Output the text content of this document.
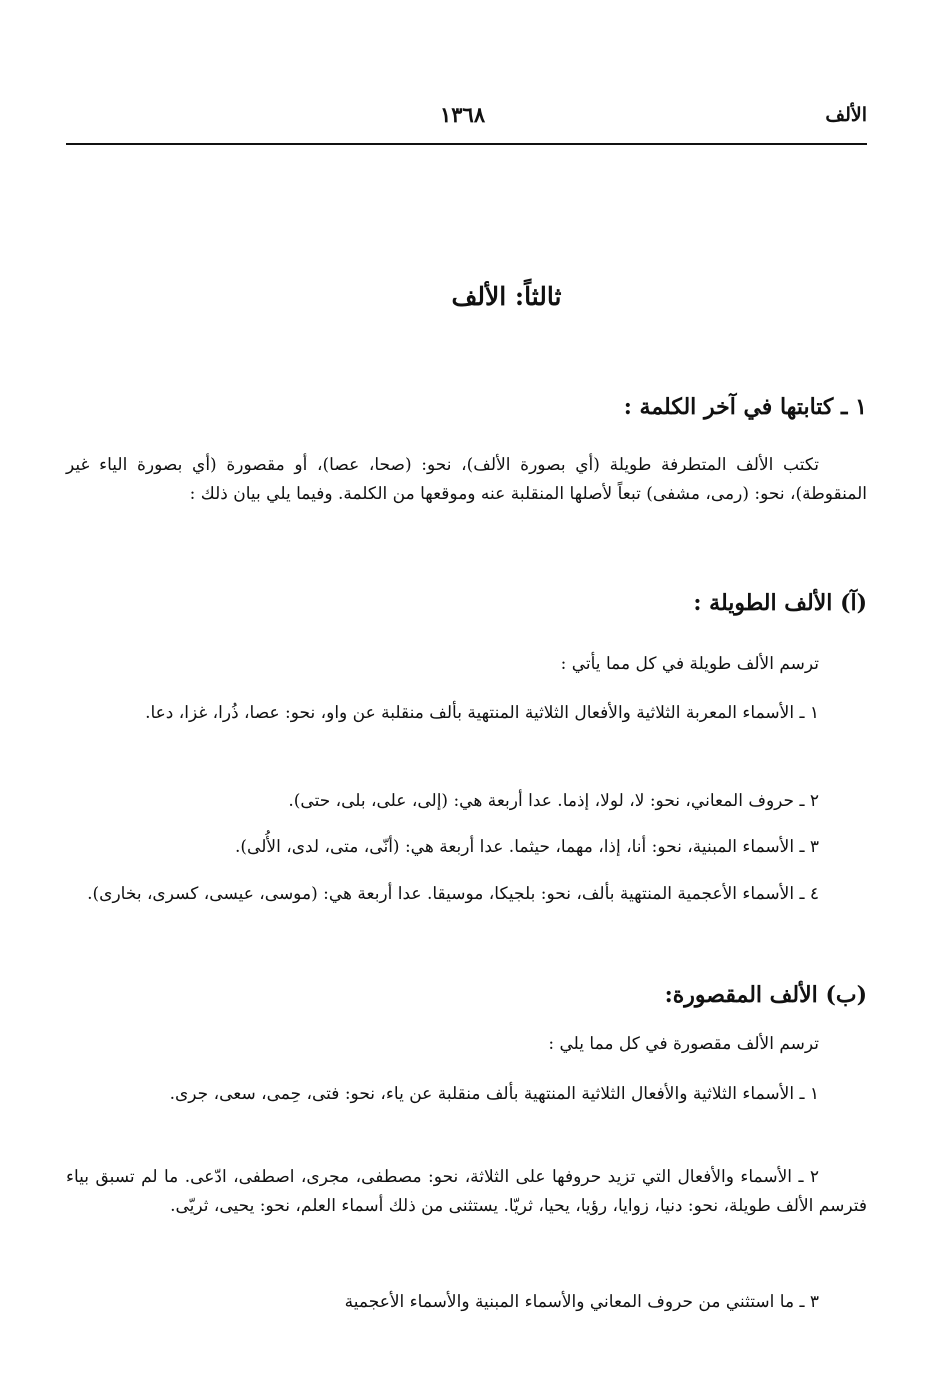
الألف
١٣٦٨
ثالثاً: الألف
١ ـ كتابتها في آخر الكلمة :

تكتب الألف المتطرفة طويلة (أي بصورة الألف)، نحو: (صحا، عصا)، أو مقصورة (أي بصورة الياء غير المنقوطة)، نحو: (رمى، مشفى) تبعاً لأصلها المنقلبة عنه وموقعها من الكلمة. وفيما يلي بيان ذلك :

(آ) الألف الطويلة :
ترسم الألف طويلة في كل مما يأتي :

١ ـ الأسماء المعربة الثلاثية والأفعال الثلاثية المنتهية بألف منقلبة عن واو، نحو: عصا، ذُرا، غزا، دعا.

٢ ـ حروف المعاني، نحو: لا، لولا، إذما. عدا أربعة هي: (إلى، على، بلى، حتى).

٣ ـ الأسماء المبنية، نحو: أنا، إذا، مهما، حيثما. عدا أربعة هي: (أنّى، متى، لدى، الأُلى).

٤ ـ الأسماء الأعجمية المنتهية بألف، نحو: بلجيكا، موسيقا. عدا أربعة هي: (موسى، عيسى، كسرى، بخارى).

(ب) الألف المقصورة:
ترسم الألف مقصورة في كل مما يلي :

١ ـ الأسماء الثلاثية والأفعال الثلاثية المنتهية بألف منقلبة عن ياء، نحو: فتى، حِمى، سعى، جرى.

٢ ـ الأسماء والأفعال التي تزيد حروفها على الثلاثة، نحو: مصطفى، مجرى، اصطفى، ادّعى. ما لم تسبق بياء فترسم الألف طويلة، نحو: دنيا، زوايا، رؤيا، يحيا، ثريّا. يستثنى من ذلك أسماء العلم، نحو: يحيى، ثريّى.

٣ ـ ما استثني من حروف المعاني والأسماء المبنية والأسماء الأعجمية
